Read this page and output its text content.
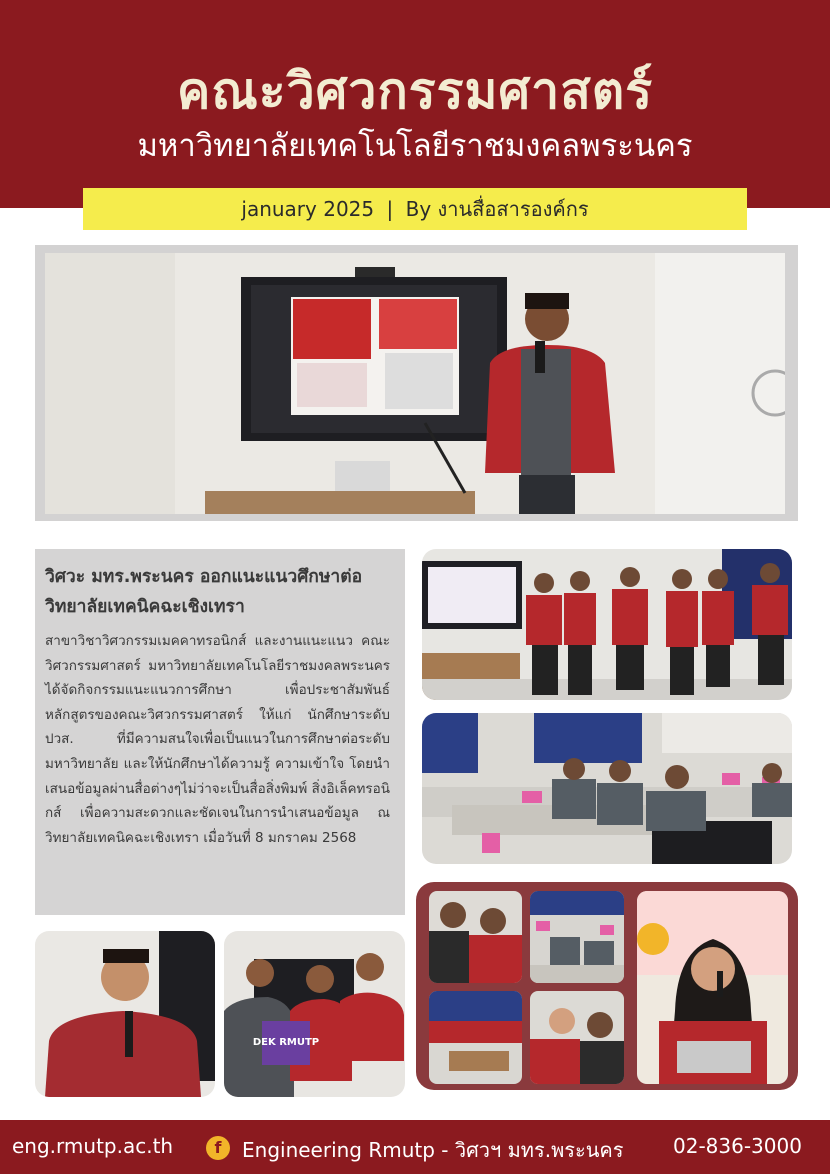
คณะวิศวกรรมศาสตร์
มหาวิทยาลัยเทคโนโลยีราชมงคลพระนคร
january 2025 | By งานสื่อสารองค์กร
วิศวะ มทร.พระนคร ออกแนะแนวศึกษาต่อ วิทยาลัยเทคนิคฉะเชิงเทรา
สาขาวิชาวิศวกรรมเมคคาทรอนิกส์ และงานแนะแนว คณะวิศวกรรมศาสตร์ มหาวิทยาลัยเทคโนโลยีราชมงคลพระนคร ได้จัดกิจกรรมแนะแนวการศึกษา เพื่อประชาสัมพันธ์หลักสูตรของคณะวิศวกรรมศาสตร์ ให้แก่ นักศึกษาระดับ ปวส. ที่มีความสนใจเพื่อเป็นแนวในการศึกษาต่อระดับมหาวิทยาลัย และให้นักศึกษาได้ความรู้ ความเข้าใจ โดยนำเสนอข้อมูลผ่านสื่อต่างๆไม่ว่าจะเป็นสื่อสิ่งพิมพ์ สิ่งอิเล็คทรอนิกส์ เพื่อความสะดวกและชัดเจนในการนำเสนอข้อมูล ณ วิทยาลัยเทคนิคฉะเชิงเทรา เมื่อวันที่ 8 มกราคม 2568
DEK RMUTP
eng.rmutp.ac.th	Engineering Rmutp - วิศวฯ มทร.พระนคร 02-836-3000
f
